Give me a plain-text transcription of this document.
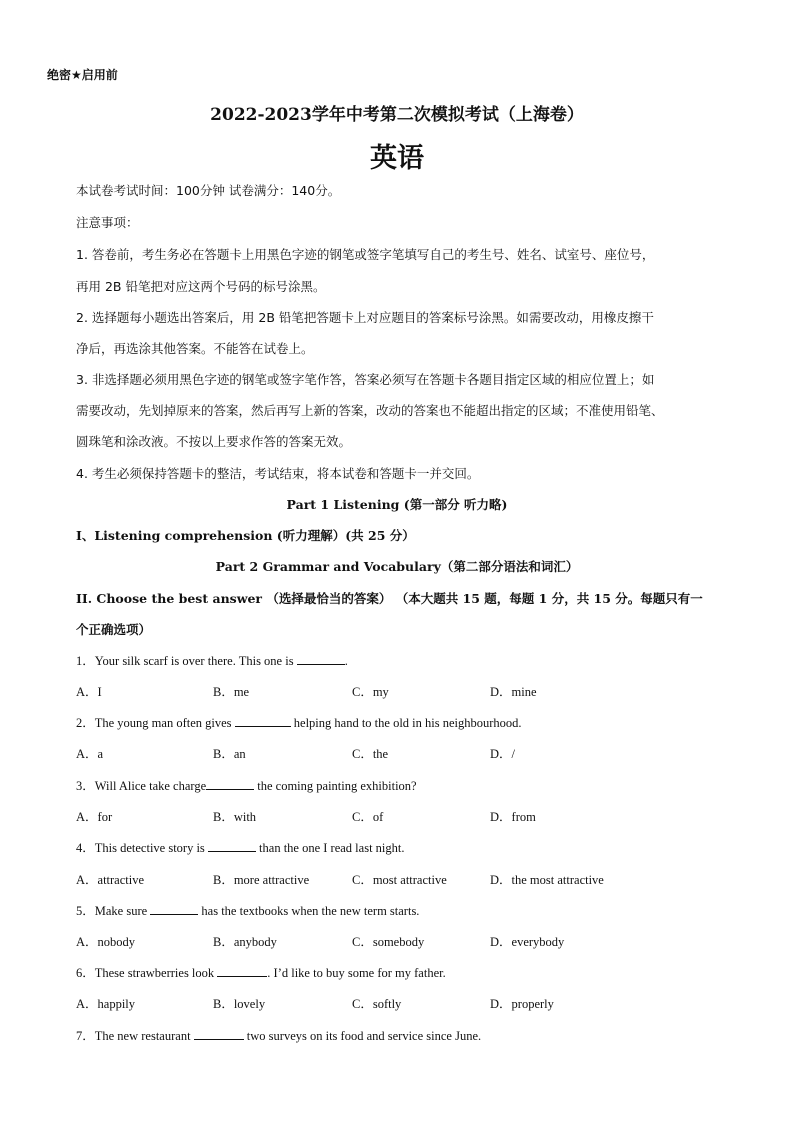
绝密★启用前
2022-2023学年中考第二次模拟考试（上海卷）
英语
本试卷考试时间：100分钟 试卷满分：140分。
注意事项：
1. 答卷前，考生务必在答题卡上用黑色字迹的钢笔或签字笔填写自己的考生号、姓名、试室号、座位号，
再用 2B 铅笔把对应这两个号码的标号涂黑。
2. 选择题每小题选出答案后，用 2B 铅笔把答题卡上对应题目的答案标号涂黑。如需要改动，用橡皮擦干
净后，再选涂其他答案。不能答在试卷上。
3. 非选择题必须用黑色字迹的钢笔或签字笔作答，答案必须写在答题卡各题目指定区域的相应位置上；如
需要改动，先划掉原来的答案，然后再写上新的答案，改动的答案也不能超出指定的区域；不准使用铅笔、
圆珠笔和涂改液。不按以上要求作答的答案无效。
4. 考生必须保持答题卡的整洁，考试结束，将本试卷和答题卡一并交回。
Part 1 Listening (第一部分 听力略)
I、Listening comprehension (听力理解）(共 25 分）
Part 2 Grammar and Vocabulary（第二部分语法和词汇）
II. Choose the best answer （选择最恰当的答案） （本大题共 15 题，每题 1 分，共 15 分。每题只有一
个正确选项）
1．Your silk scarf is over there. This one is	.
A．I	B．me	C．my	D．mine
2．The young man often gives	helping hand to the old in his neighbourhood.
A．a	B．an	C．the	D．/
3．Will Alice take charge	the coming painting exhibition?
A．for	B．with	C．of	D．from
4．This detective story is	than the one I read last night.
A．attractive	B．more attractive	C．most attractive	D．the most attractive
5．Make sure	has the textbooks when the new term starts.
A．nobody	B．anybody	C．somebody	D．everybody
6．These strawberries look	. I’d like to buy some for my father.
A．happily	B．lovely	C．softly	D．properly
7．The new restaurant	two surveys on its food and service since June.
